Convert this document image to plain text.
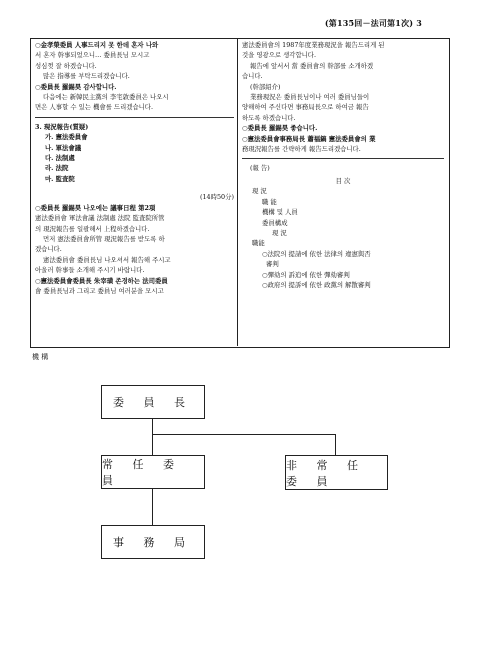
(第135回－法司第1次) 3

○金孝榮委員 人事드리지 못 한데 혼자 나와

서 혼자 幹事되었으니… 委員長님 모시고

성심껏 잘 하겠습니다.

많은 指導를 부탁드리겠습니다.

○委員長 羅錫昊 감사합니다.

다음에는 新韓民主黨의 李宅敦委員은 나오시

면은 人事할 수 있는 機會를 드리겠습니다.

3. 現況報告(質疑)

가. 憲法委員會

나. 軍法會議

다. 法制處

라. 法院

마. 監査院

(14時50分)

○委員長 羅錫昊 나오에는 議事日程 第2項

憲法委員會 軍法會議 法制處 法院 監査院所管

의 現況報告를 일괄해서 上程하겠습니다.

먼저 憲法委員會所管 現況報告를 받도록 하

겠습니다.

憲法委員會 委員長님 나오셔서 報告해 주시고

아울러 幹事들 소개해 주시기 바랍니다.

○憲法委員會委員長 朱宰璜 존경하는 法司委員

會 委員長님과 그리고 委員님 여러분을 모시고

憲法委員會의 1987年度業務現況을 報告드리게 된

것을 영광으로 생각합니다.

報告에 앞서서 當 委員會의 幹部를 소개하겠

습니다.

(幹部紹介)

業務現況은 委員長님이나 여러 委員님들이

양해하여 주신다면 事務局長으로 하여금 報告

하도록 하겠습니다.

○委員長 羅錫昊 좋습니다.

○憲法委員會事務局長 蕭福鎬 憲法委員會의 業

務現況報告를 간략하게 報告드리겠습니다.

(報 告)

目 次

現 況

職 能

機構 및 人員

委員構成

現 況

職能

○法院의 提請에 依한 法律의 違憲與否

審判

○彈劾의 訴追에 依한 彈劾審判

○政府의 提訴에 依한 政黨의 解散審判

機 構
委 員 長
常 任 委 員
非 常 任 委 員
事 務 局
